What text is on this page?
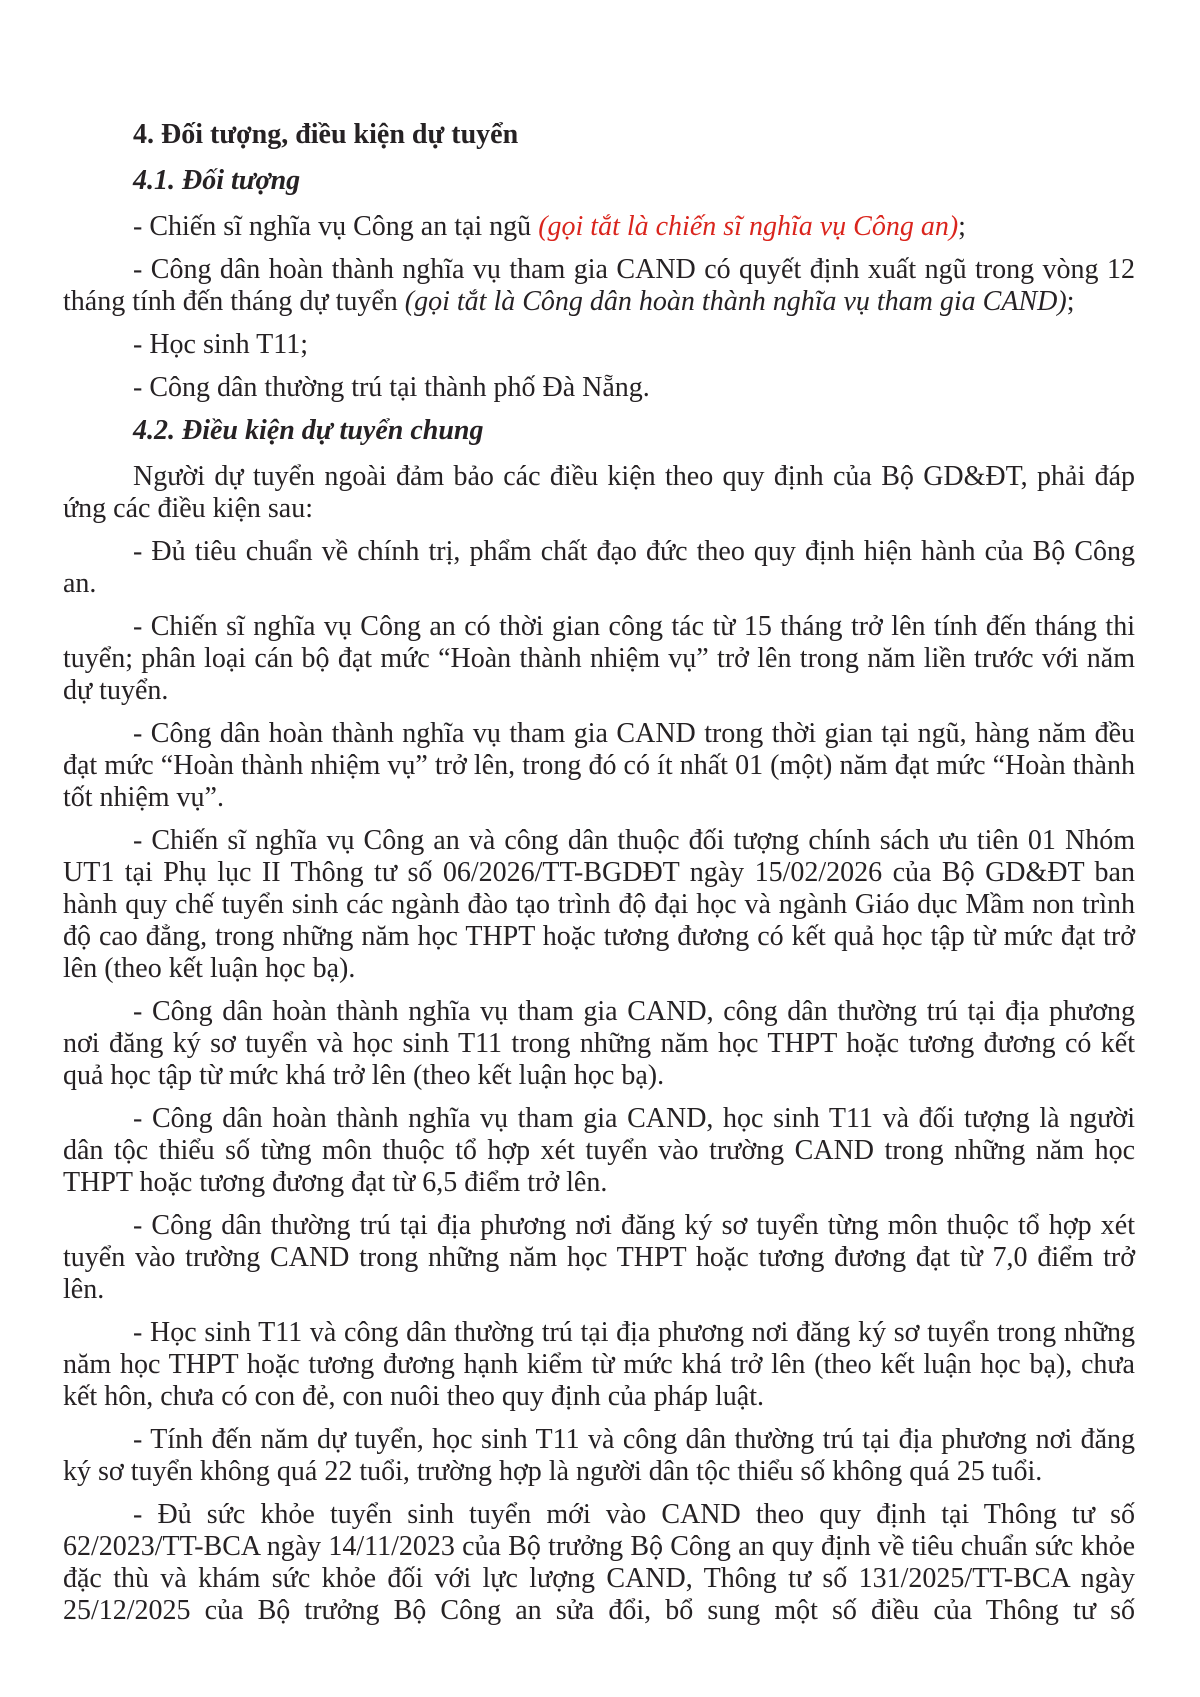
4. Đối tượng, điều kiện dự tuyển
4.1. Đối tượng

- Chiến sĩ nghĩa vụ Công an tại ngũ (gọi tắt là chiến sĩ nghĩa vụ Công an);

- Công dân hoàn thành nghĩa vụ tham gia CAND có quyết định xuất ngũ trong vòng 12 tháng tính đến tháng dự tuyển (gọi tắt là Công dân hoàn thành nghĩa vụ tham gia CAND);

- Học sinh T11;

- Công dân thường trú tại thành phố Đà Nẵng.

4.2. Điều kiện dự tuyển chung

Người dự tuyển ngoài đảm bảo các điều kiện theo quy định của Bộ GD&ĐT, phải đáp ứng các điều kiện sau:

- Đủ tiêu chuẩn về chính trị, phẩm chất đạo đức theo quy định hiện hành của Bộ Công an.

- Chiến sĩ nghĩa vụ Công an có thời gian công tác từ 15 tháng trở lên tính đến tháng thi tuyển; phân loại cán bộ đạt mức “Hoàn thành nhiệm vụ” trở lên trong năm liền trước với năm dự tuyển.

- Công dân hoàn thành nghĩa vụ tham gia CAND trong thời gian tại ngũ, hàng năm đều đạt mức “Hoàn thành nhiệm vụ” trở lên, trong đó có ít nhất 01 (một) năm đạt mức “Hoàn thành tốt nhiệm vụ”.

- Chiến sĩ nghĩa vụ Công an và công dân thuộc đối tượng chính sách ưu tiên 01 Nhóm UT1 tại Phụ lục II Thông tư số 06/2026/TT-BGDĐT ngày 15/02/2026 của Bộ GD&ĐT ban hành quy chế tuyển sinh các ngành đào tạo trình độ đại học và ngành Giáo dục Mầm non trình độ cao đẳng, trong những năm học THPT hoặc tương đương có kết quả học tập từ mức đạt trở lên (theo kết luận học bạ).

- Công dân hoàn thành nghĩa vụ tham gia CAND, công dân thường trú tại địa phương nơi đăng ký sơ tuyển và học sinh T11 trong những năm học THPT hoặc tương đương có kết quả học tập từ mức khá trở lên (theo kết luận học bạ).

- Công dân hoàn thành nghĩa vụ tham gia CAND, học sinh T11 và đối tượng là người dân tộc thiểu số từng môn thuộc tổ hợp xét tuyển vào trường CAND trong những năm học THPT hoặc tương đương đạt từ 6,5 điểm trở lên.

- Công dân thường trú tại địa phương nơi đăng ký sơ tuyển từng môn thuộc tổ hợp xét tuyển vào trường CAND trong những năm học THPT hoặc tương đương đạt từ 7,0 điểm trở lên.

- Học sinh T11 và công dân thường trú tại địa phương nơi đăng ký sơ tuyển trong những năm học THPT hoặc tương đương hạnh kiểm từ mức khá trở lên (theo kết luận học bạ), chưa kết hôn, chưa có con đẻ, con nuôi theo quy định của pháp luật.

- Tính đến năm dự tuyển, học sinh T11 và công dân thường trú tại địa phương nơi đăng ký sơ tuyển không quá 22 tuổi, trường hợp là người dân tộc thiểu số không quá 25 tuổi.

- Đủ sức khỏe tuyển sinh tuyển mới vào CAND theo quy định tại Thông tư số 62/2023/TT-BCA ngày 14/11/2023 của Bộ trưởng Bộ Công an quy định về tiêu chuẩn sức khỏe đặc thù và khám sức khỏe đối với lực lượng CAND, Thông tư số 131/2025/TT-BCA ngày 25/12/2025 của Bộ trưởng Bộ Công an sửa đổi, bổ sung một số điều của Thông tư số
